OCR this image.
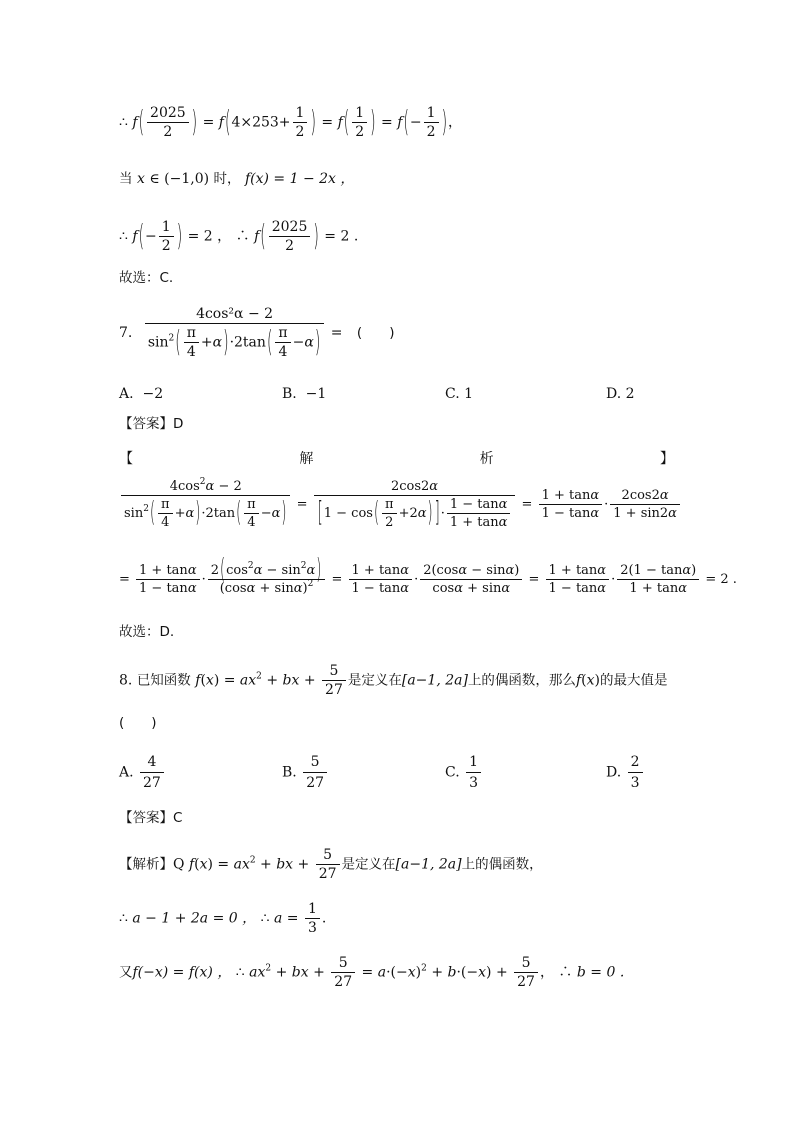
∴ $f( \frac{2025}{2}$ ) = $f(4\times 253+ \frac{1}{2}$ ) = $f( \frac{1}{2}$ ) = $f(- \frac{1}{2}$ )，
当 x ∈ (−1,0) 时， f(x) = 1 − 2x ，
∴ $f(- \frac{1}{2}$ ) = 2 ， ∴ $f( \frac{2025}{2}$ ) = 2 .
故选：C.
7. $\frac{\text{4cos²α − 2}}{\sin^2( \frac{\pi}{4} +\alpha)\cdot 2\tan( \frac{\pi}{4} -\alpha)}$ = (　　)
A. −2	B. −1	C. 1	D. 2
【答案】D
【	解	析	】
$\frac{4\cos^2\alpha - 2}{\sin^2( \frac{\pi}{4} +\alpha)\cdot 2\tan( \frac{\pi}{4} -\alpha)} = \frac{2\cos 2\alpha}{[1 - \cos( \frac{\pi}{2} +2\alpha) ]\cdot \frac{1 - \tan\alpha}{1 + \tan\alpha}} = \frac{1 + \tan\alpha}{1 - \tan\alpha} \cdot \frac{2\cos 2\alpha}{1 + \sin 2\alpha}$
= $\frac{1 + \tan\alpha}{1 - \tan\alpha} \cdot \frac{2(\cos^2\alpha - \sin^2\alpha)}{(\cos\alpha + \sin\alpha)^2} = \frac{1 + \tan\alpha}{1 - \tan\alpha} \cdot \frac{2(\cos\alpha - \sin\alpha)}{\cos\alpha + \sin\alpha} = \frac{1 + \tan\alpha}{1 - \tan\alpha} \cdot \frac{2(1 - \tan\alpha)}{1 + \tan\alpha} = 2$ .
故选：D.
8. 已知函数 $f(x) = ax^2$ + bx + $\frac{5}{27}$ 是定义在[a−1, 2a]上的偶函数，那么f(x)的最大值是
(　　)
A. $\frac{4}{27}$	B. $\frac{5}{27}$	C. $\frac{1}{3}$	D. $\frac{2}{3}$
【答案】C
【解析】Q $f(x) = ax^2$ + bx + $\frac{5}{27}$ 是定义在[a−1, 2a]上的偶函数，
∴ a − 1 + 2a = 0 ， ∴ $a = \frac{1}{3}$ .
又f(−x) = f(x) ， ∴ $ax^2$ + bx + $\frac{5}{27} = a\cdot(-x)^2 + b\cdot(-x) + \frac{5}{27}$ ， ∴ b = 0 .
